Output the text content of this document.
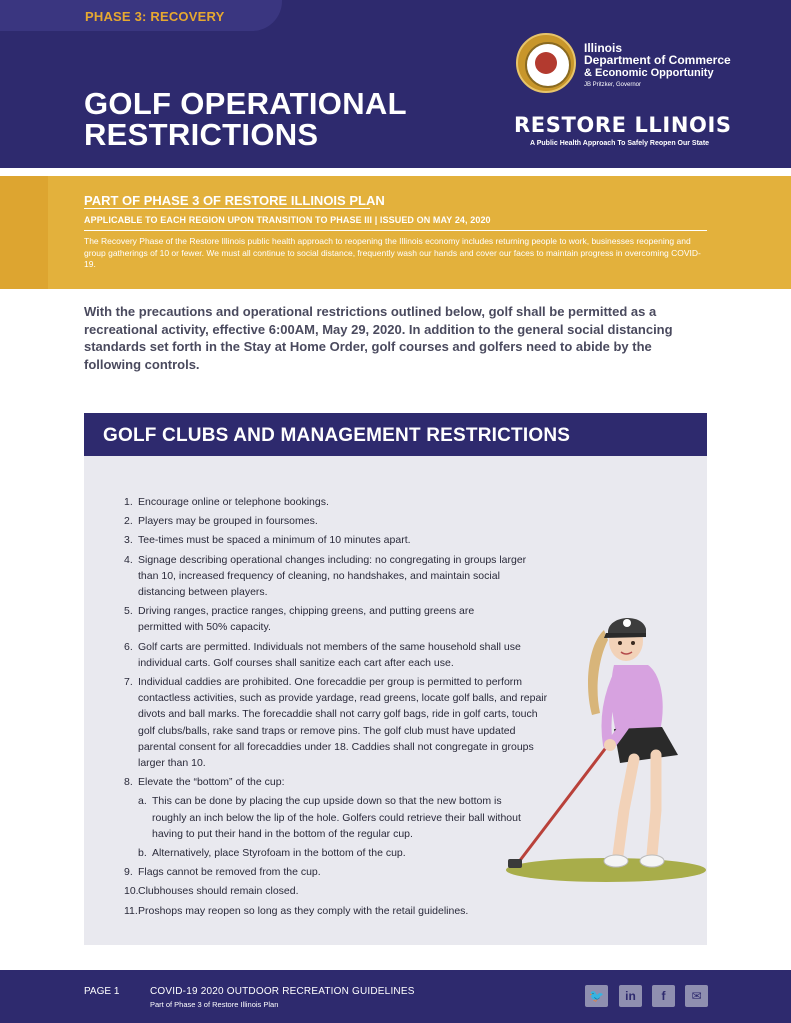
PHASE 3: RECOVERY
GOLF OPERATIONAL
RESTRICTIONS
Illinois
Department of Commerce
& Economic Opportunity
JB Pritzker, Governor
RESTORE LLINOIS
A Public Health Approach To Safely Reopen Our State
PART OF PHASE 3 OF RESTORE ILLINOIS PLAN
APPLICABLE TO EACH REGION UPON TRANSITION TO PHASE III | ISSUED ON MAY 24, 2020
The Recovery Phase of the Restore Illinois public health approach to reopening the Illinois economy includes returning people to work, businesses reopening and group gatherings of 10 or fewer. We must all continue to social distance, frequently wash our hands and cover our faces to maintain progress in overcoming COVID-19.
With the precautions and operational restrictions outlined below, golf shall be permitted as a recreational activity, effective 6:00AM, May 29, 2020. In addition to the general social distancing standards set forth in the Stay at Home Order, golf courses and golfers need to abide by the following controls.
GOLF CLUBS AND MANAGEMENT RESTRICTIONS
1. Encourage online or telephone bookings.
2. Players may be grouped in foursomes.
3. Tee-times must be spaced a minimum of 10 minutes apart.
4. Signage describing operational changes including: no congregating in groups larger than 10, increased frequency of cleaning, no handshakes, and maintain social distancing between players.
5. Driving ranges, practice ranges, chipping greens, and putting greens are permitted with 50% capacity.
6. Golf carts are permitted. Individuals not members of the same household shall use individual carts. Golf courses shall sanitize each cart after each use.
7. Individual caddies are prohibited. One forecaddie per group is permitted to perform contactless activities, such as provide yardage, read greens, locate golf balls, and repair divots and ball marks. The forecaddie shall not carry golf bags, ride in golf carts, touch golf clubs/balls, rake sand traps or remove pins. The golf club must have updated parental consent for all forecaddies under 18. Caddies shall not congregate in groups larger than 10.
8. Elevate the “bottom” of the cup:
a. This can be done by placing the cup upside down so that the new bottom is roughly an inch below the lip of the hole. Golfers could retrieve their ball without having to put their hand in the bottom of the regular cup.
b. Alternatively, place Styrofoam in the bottom of the cup.
9. Flags cannot be removed from the cup.
10. Clubhouses should remain closed.
11. Proshops may reopen so long as they comply with the retail guidelines.
PAGE 1	COVID-19 2020 OUTDOOR RECREATION GUIDELINES
Part of Phase 3 of Restore Illinois Plan
🐦	in	f	✉
